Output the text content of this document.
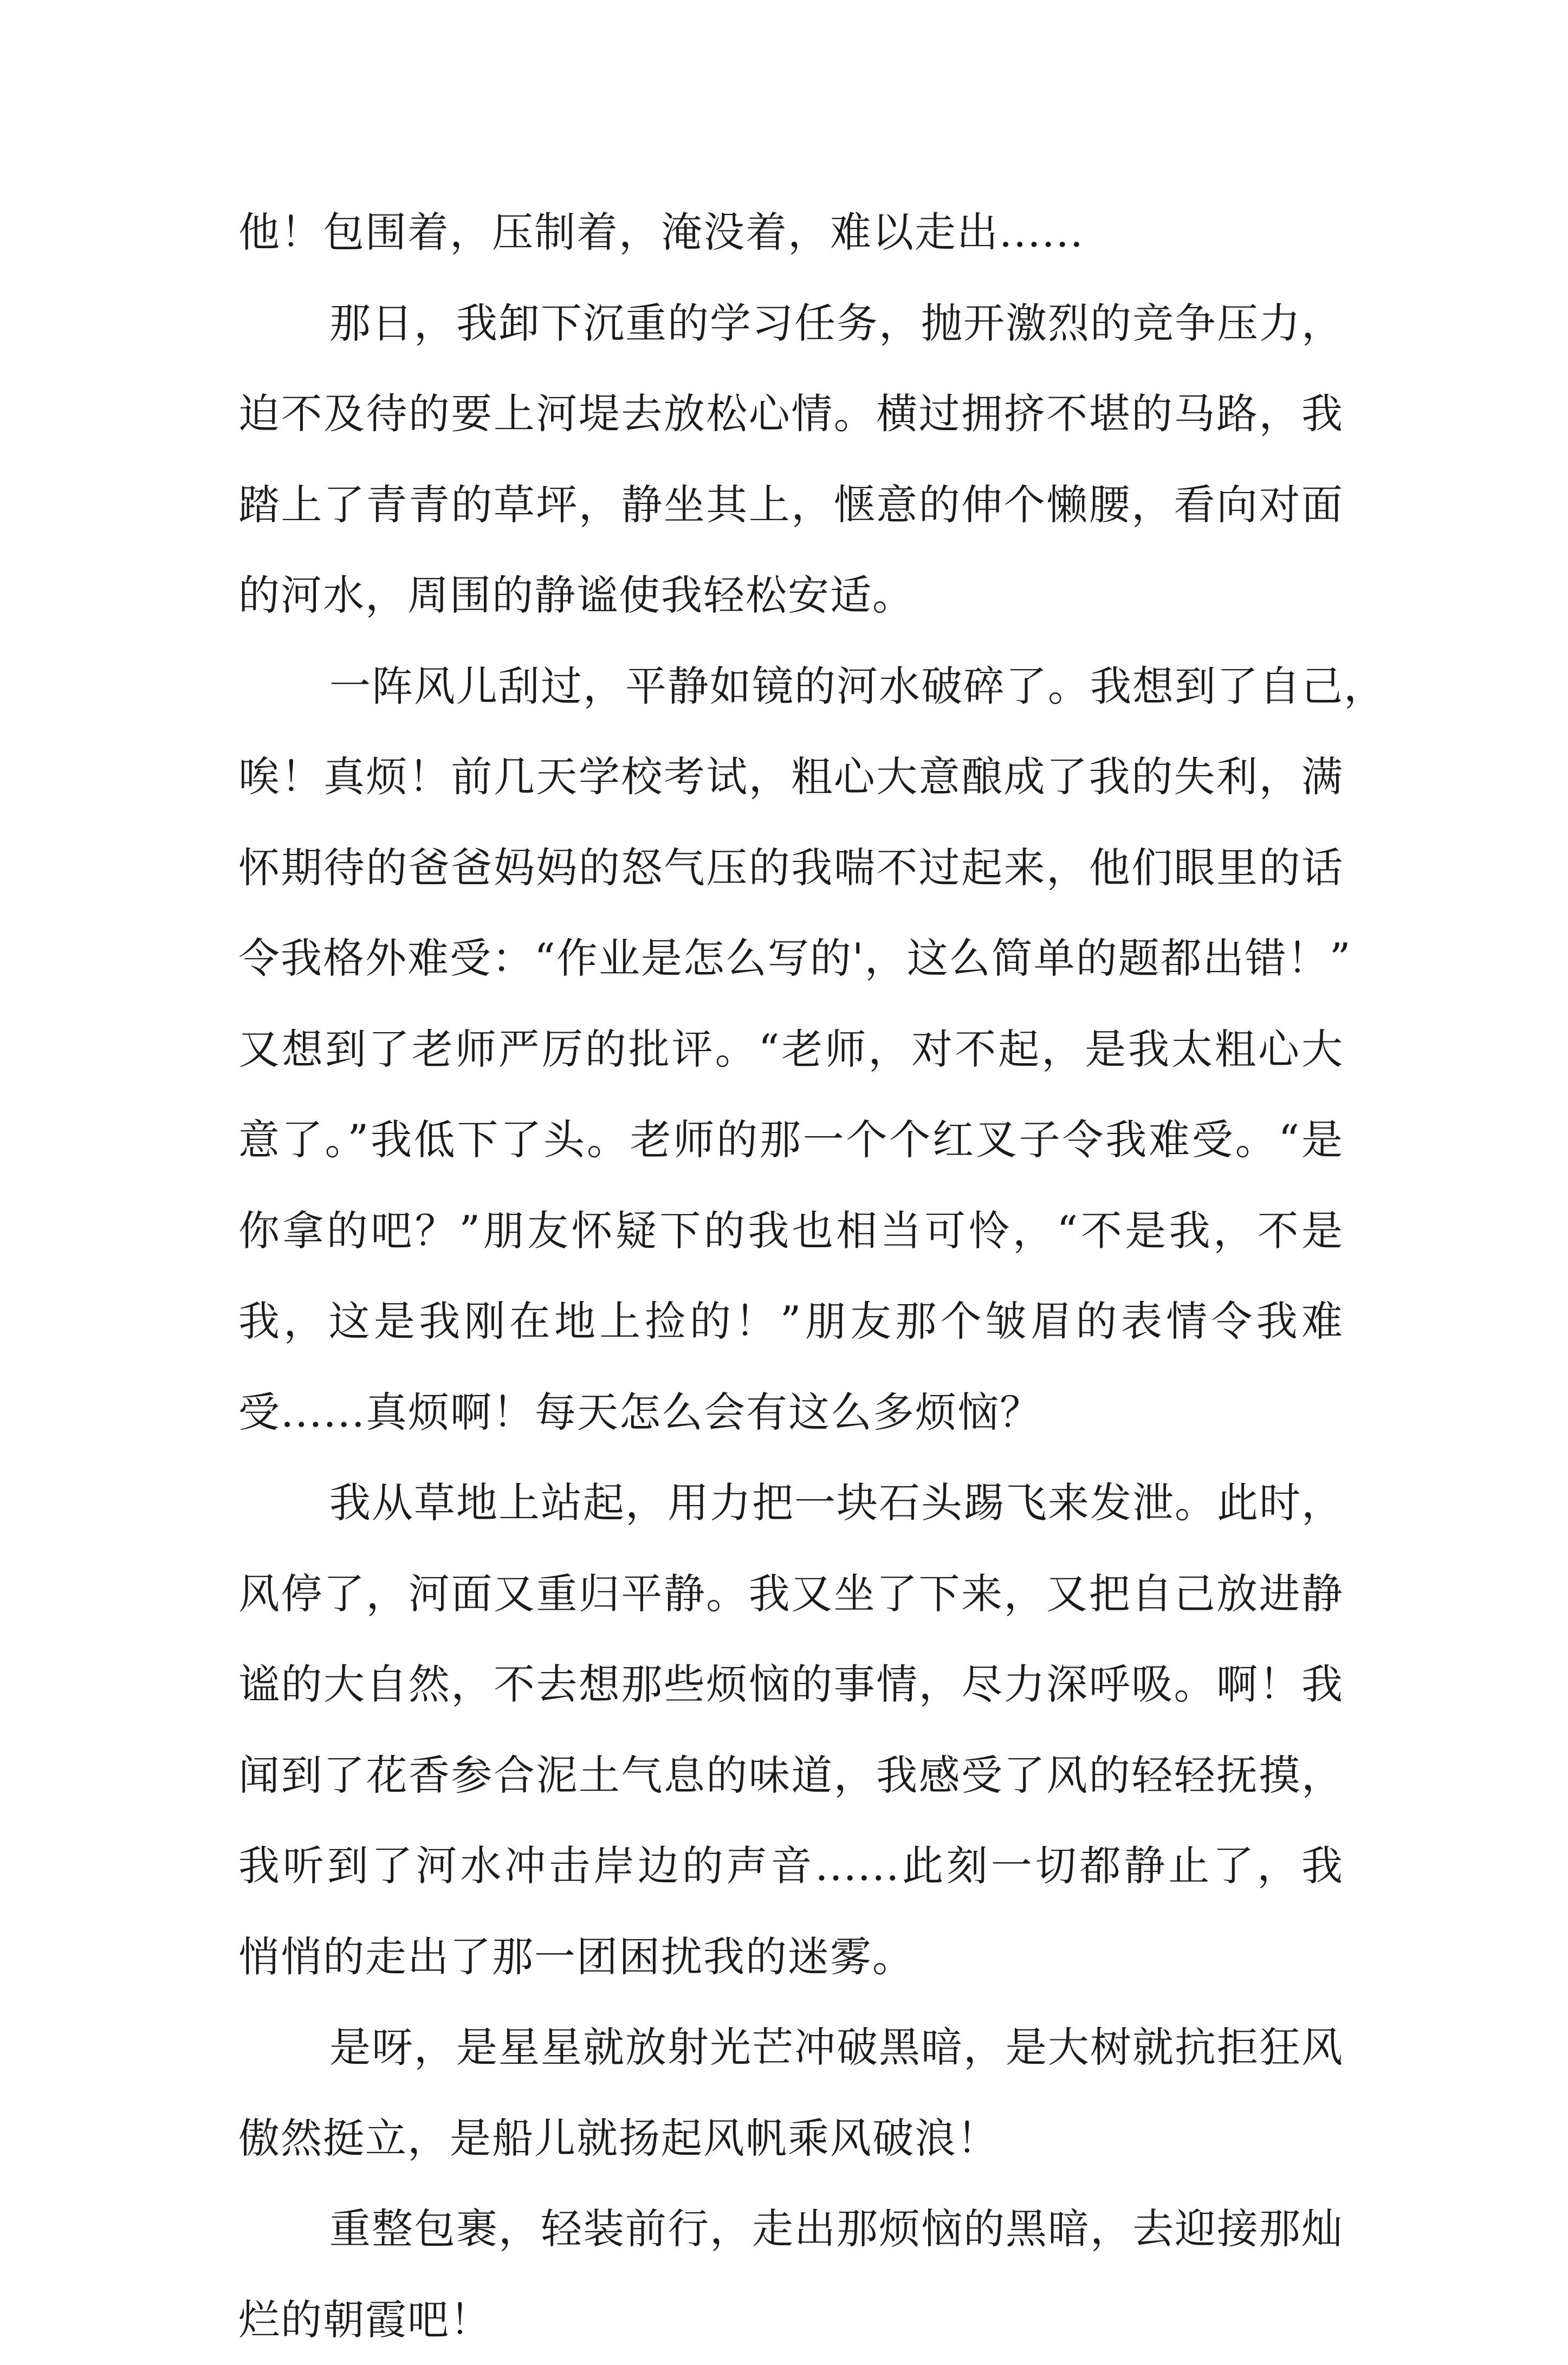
他！包围着，压制着，淹没着，难以走出......
那日，我卸下沉重的学习任务，抛开激烈的竞争压力，
迫不及待的要上河堤去放松心情。横过拥挤不堪的马路，我
踏上了青青的草坪，静坐其上，惬意的伸个懒腰，看向对面
的河水，周围的静谧使我轻松安适。
一阵风儿刮过，平静如镜的河水破碎了。我想到了自己，
唉！真烦！前几天学校考试，粗心大意酿成了我的失利，满
怀期待的爸爸妈妈的怒气压的我喘不过起来，他们眼里的话
令我格外难受：“作业是怎么写的'，这么简单的题都出错！”
又想到了老师严厉的批评。“老师，对不起，是我太粗心大
意了。”我低下了头。老师的那一个个红叉子令我难受。“是
你拿的吧？”朋友怀疑下的我也相当可怜，“不是我，不是
我，这是我刚在地上捡的！”朋友那个皱眉的表情令我难
受......真烦啊！每天怎么会有这么多烦恼？
我从草地上站起，用力把一块石头踢飞来发泄。此时，
风停了，河面又重归平静。我又坐了下来，又把自己放进静
谧的大自然，不去想那些烦恼的事情，尽力深呼吸。啊！我
闻到了花香参合泥土气息的味道，我感受了风的轻轻抚摸，
我听到了河水冲击岸边的声音......此刻一切都静止了，我
悄悄的走出了那一团困扰我的迷雾。
是呀，是星星就放射光芒冲破黑暗，是大树就抗拒狂风
傲然挺立，是船儿就扬起风帆乘风破浪！
重整包裹，轻装前行，走出那烦恼的黑暗，去迎接那灿
烂的朝霞吧！
